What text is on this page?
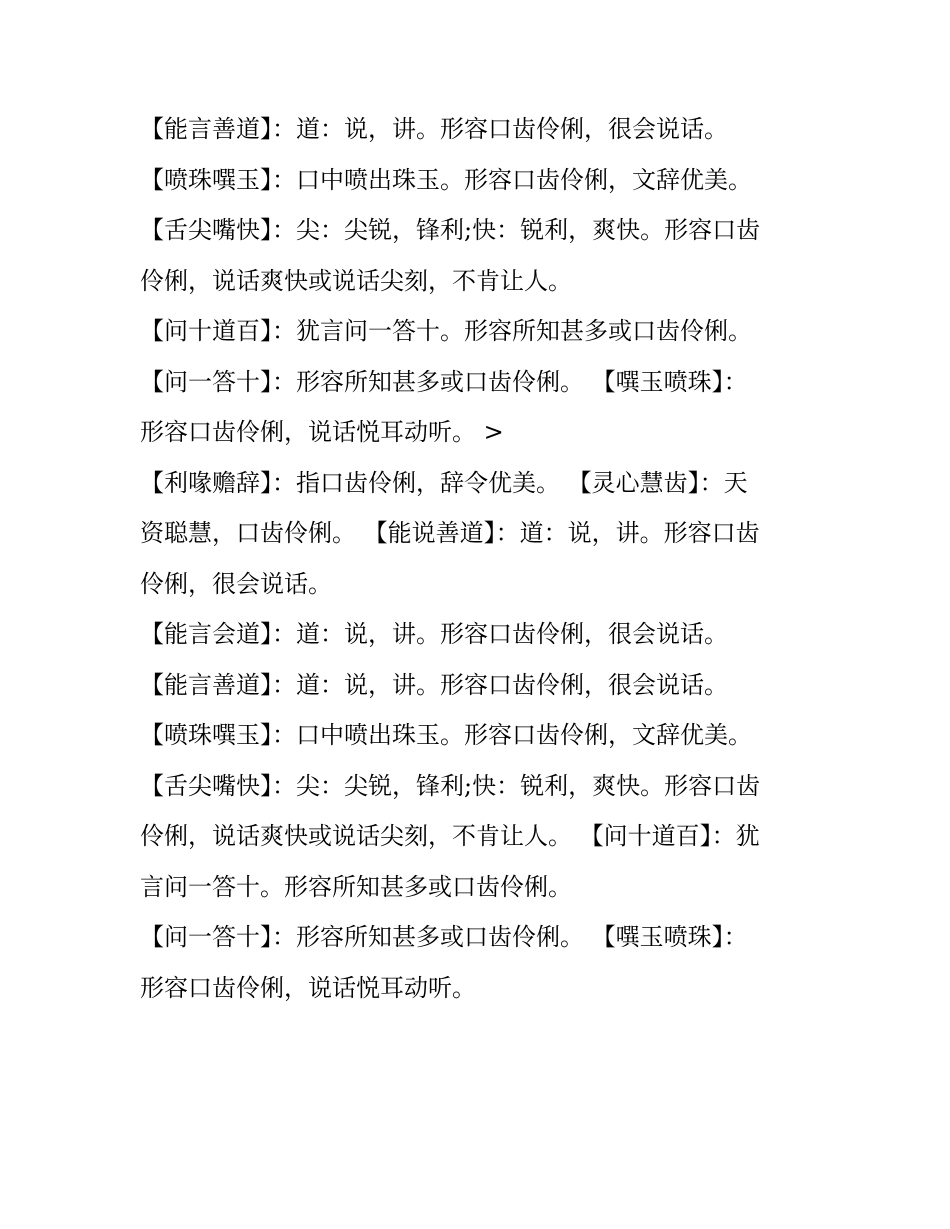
【能言善道】：道：说，讲。形容口齿伶俐，很会说话。
【喷珠噀玉】：口中喷出珠玉。形容口齿伶俐，文辞优美。
【舌尖嘴快】：尖：尖锐，锋利;快：锐利，爽快。形容口齿
伶俐，说话爽快或说话尖刻，不肯让人。
【问十道百】：犹言问一答十。形容所知甚多或口齿伶俐。
【问一答十】：形容所知甚多或口齿伶俐。 【噀玉喷珠】：
形容口齿伶俐，说话悦耳动听。 >
【利喙赡辞】：指口齿伶俐，辞令优美。 【灵心慧齿】：天
资聪慧，口齿伶俐。 【能说善道】：道：说，讲。形容口齿
伶俐，很会说话。
【能言会道】：道：说，讲。形容口齿伶俐，很会说话。
【能言善道】：道：说，讲。形容口齿伶俐，很会说话。
【喷珠噀玉】：口中喷出珠玉。形容口齿伶俐，文辞优美。
【舌尖嘴快】：尖：尖锐，锋利;快：锐利，爽快。形容口齿
伶俐，说话爽快或说话尖刻，不肯让人。 【问十道百】：犹
言问一答十。形容所知甚多或口齿伶俐。
【问一答十】：形容所知甚多或口齿伶俐。 【噀玉喷珠】：
形容口齿伶俐，说话悦耳动听。
